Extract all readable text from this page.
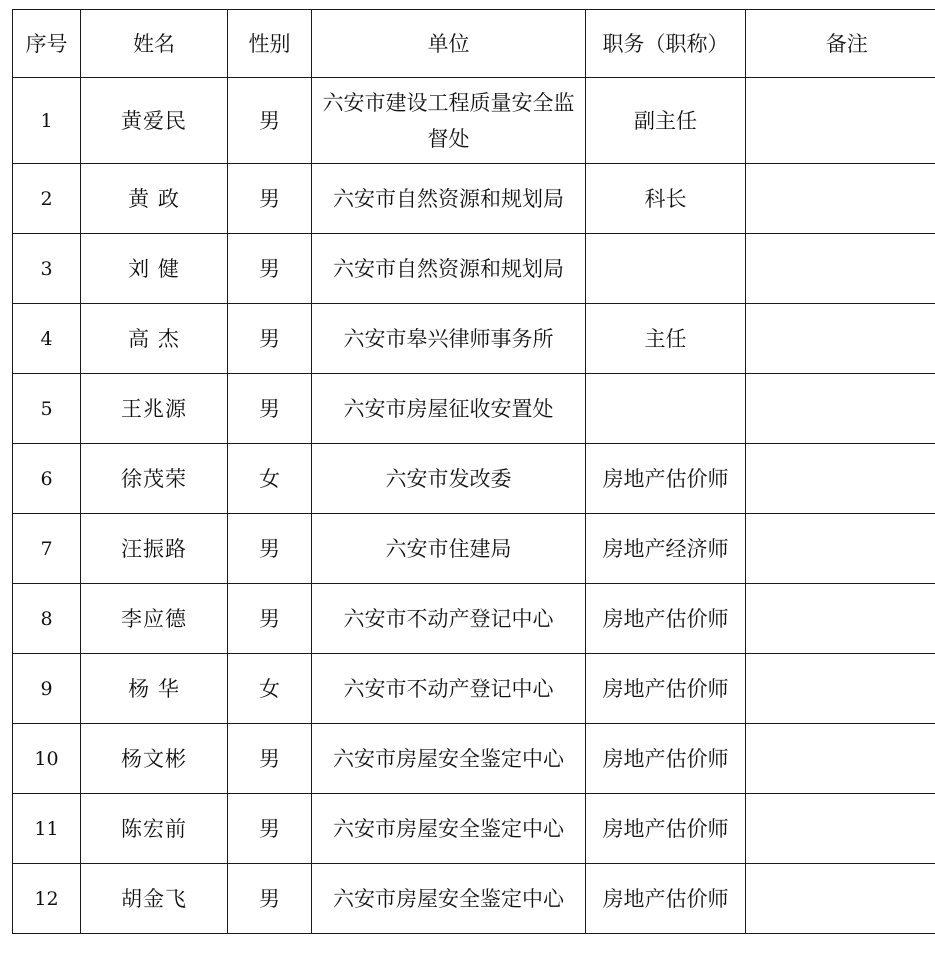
序号	姓名	性别	单位	职务（职称）	备注
1	黄爱民	男	六安市建设工程质量安全监督处	副主任	
2	黄 政	男	六安市自然资源和规划局	科长	
3	刘 健	男	六安市自然资源和规划局		
4	高 杰	男	六安市皋兴律师事务所	主任	
5	王兆源	男	六安市房屋征收安置处		
6	徐茂荣	女	六安市发改委	房地产估价师	
7	汪振路	男	六安市住建局	房地产经济师	
8	李应德	男	六安市不动产登记中心	房地产估价师	
9	杨 华	女	六安市不动产登记中心	房地产估价师	
10	杨文彬	男	六安市房屋安全鉴定中心	房地产估价师	
11	陈宏前	男	六安市房屋安全鉴定中心	房地产估价师	
12	胡金飞	男	六安市房屋安全鉴定中心	房地产估价师	
